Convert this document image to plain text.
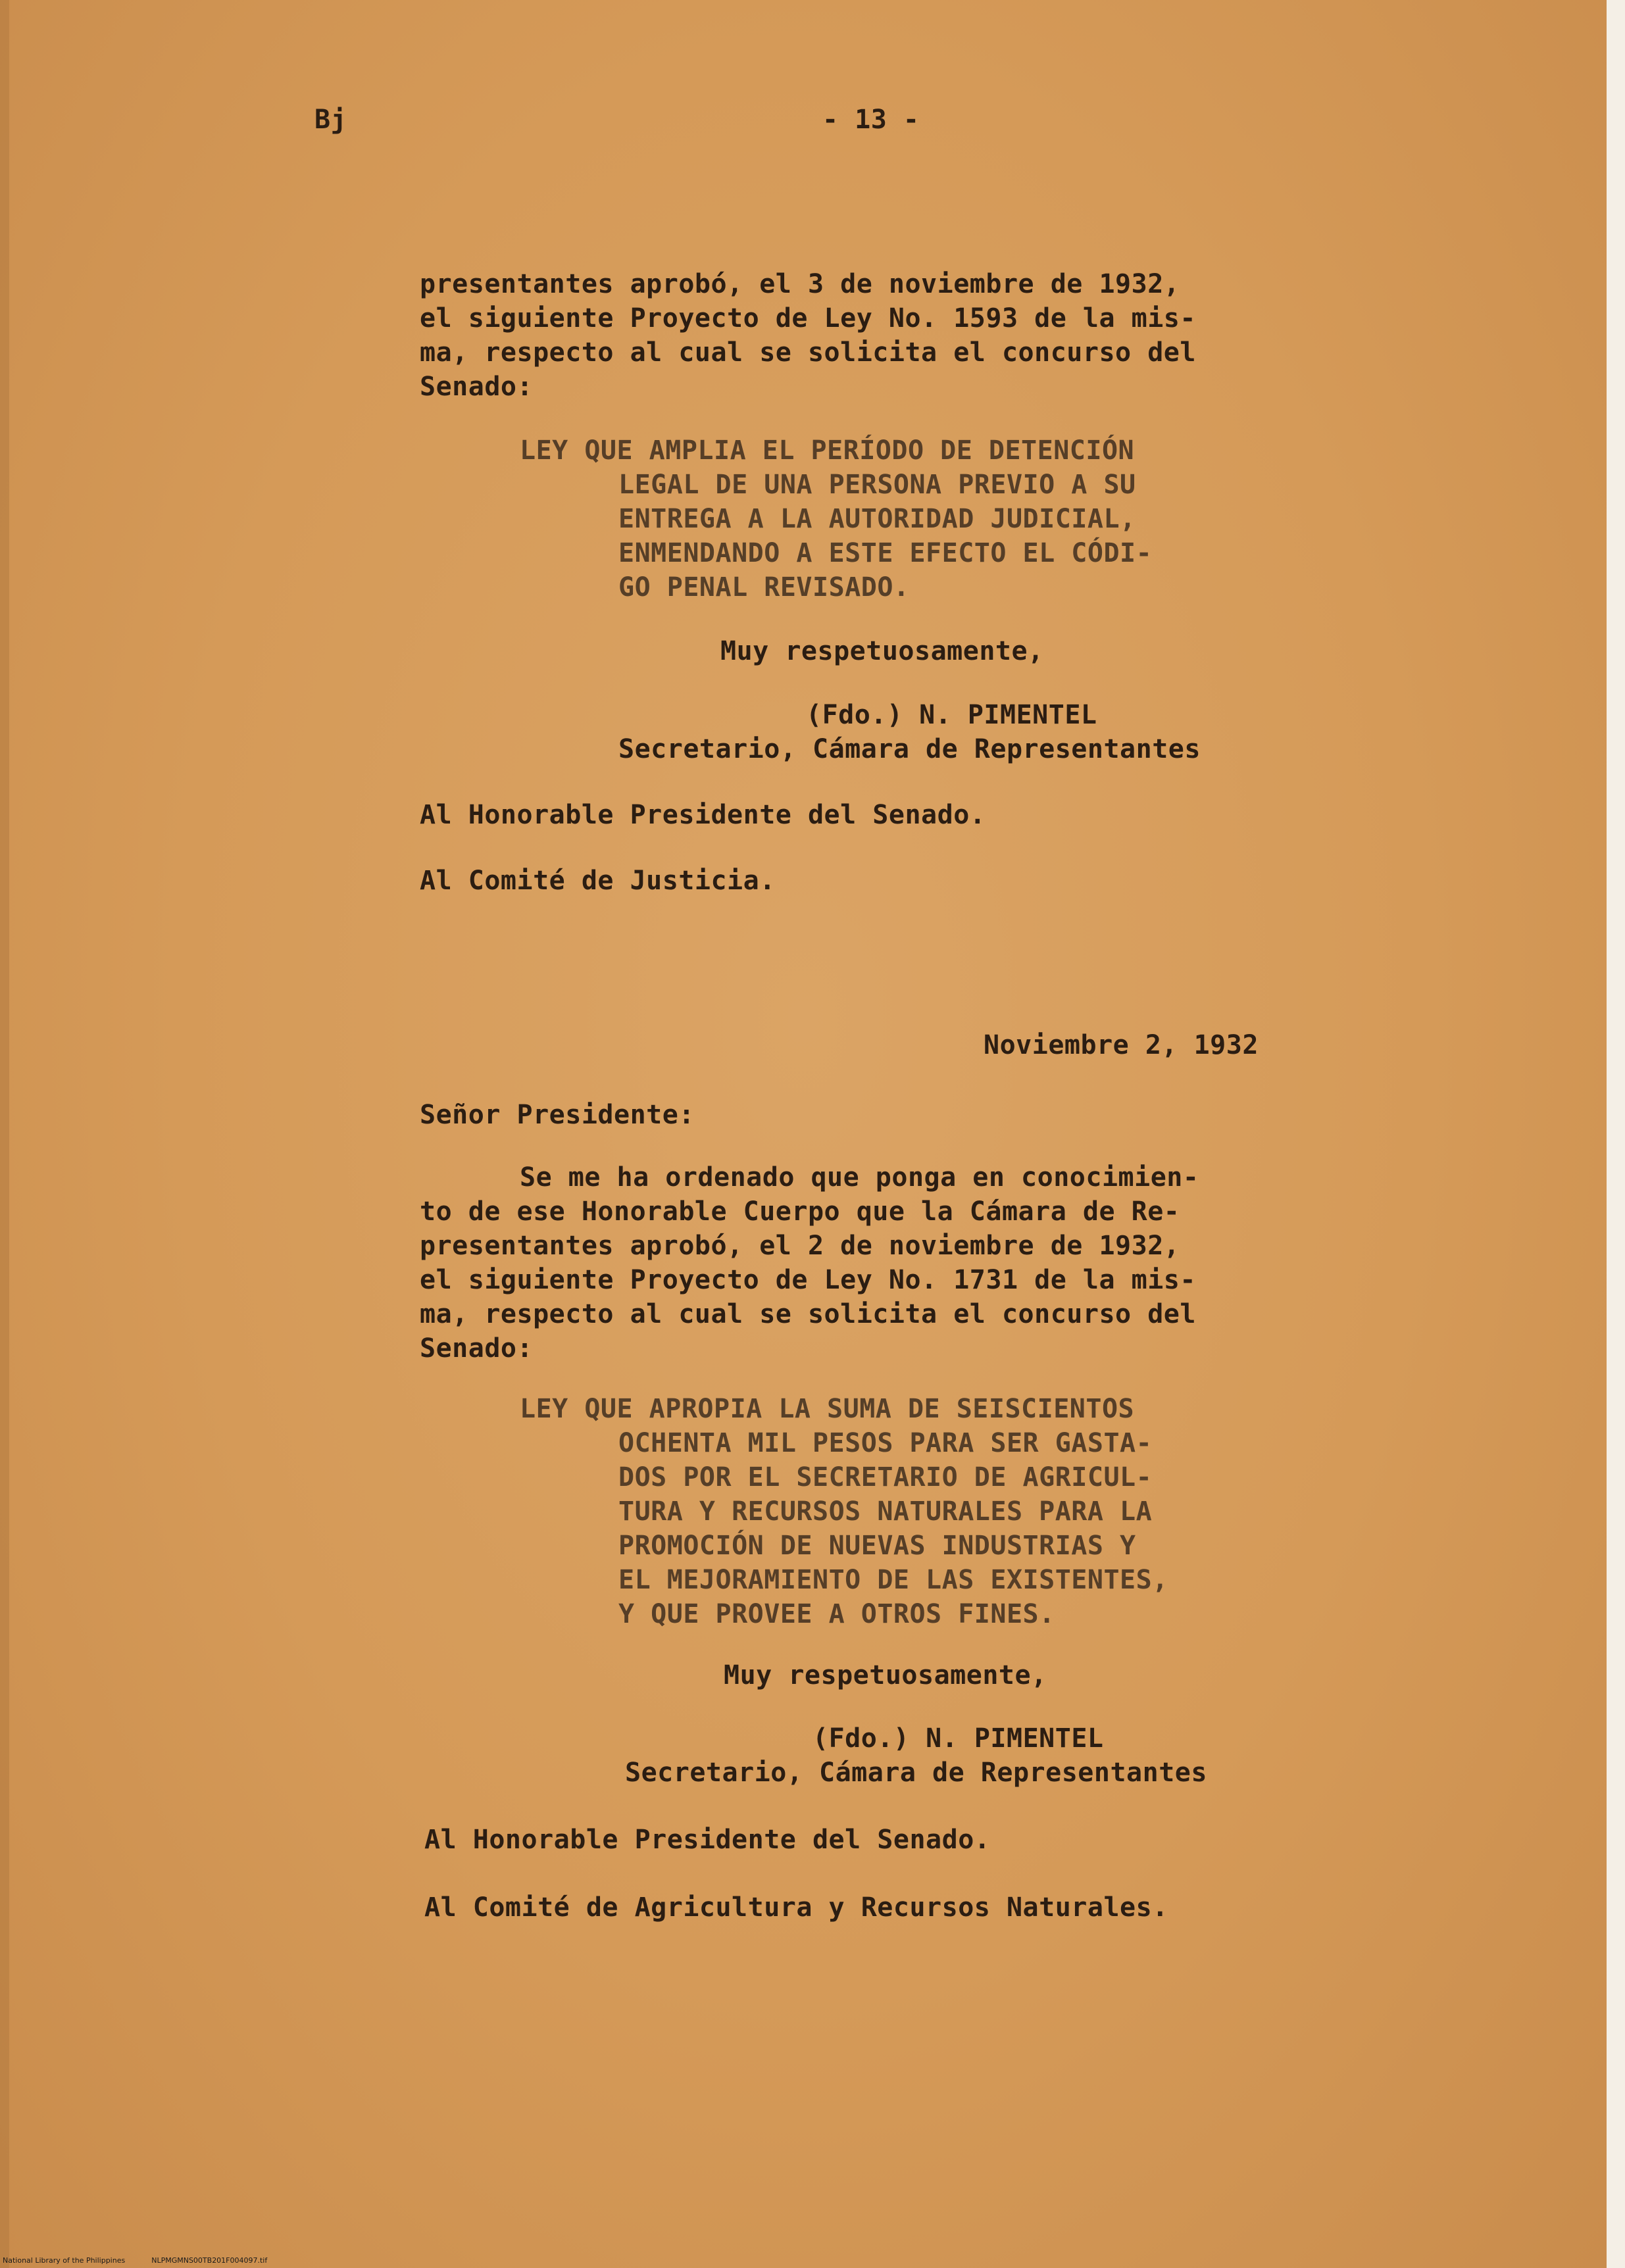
Bj	- 13 -
presentantes aprobó, el 3 de noviembre de 1932,
el siguiente Proyecto de Ley No. 1593 de la mis-
ma, respecto al cual se solicita el concurso del
Senado:
LEY QUE AMPLIA EL PERÍODO DE DETENCIÓN
LEGAL DE UNA PERSONA PREVIO A SU
ENTREGA A LA AUTORIDAD JUDICIAL,
ENMENDANDO A ESTE EFECTO EL CÓDI-
GO PENAL REVISADO.
Muy respetuosamente,
(Fdo.) N. PIMENTEL
Secretario, Cámara de Representantes
Al Honorable Presidente del Senado.
Al Comité de Justicia.
Noviembre 2, 1932
Señor Presidente:
Se me ha ordenado que ponga en conocimien-
to de ese Honorable Cuerpo que la Cámara de Re-
presentantes aprobó, el 2 de noviembre de 1932,
el siguiente Proyecto de Ley No. 1731 de la mis-
ma, respecto al cual se solicita el concurso del
Senado:
LEY QUE APROPIA LA SUMA DE SEISCIENTOS
OCHENTA MIL PESOS PARA SER GASTA-
DOS POR EL SECRETARIO DE AGRICUL-
TURA Y RECURSOS NATURALES PARA LA
PROMOCIÓN DE NUEVAS INDUSTRIAS Y
EL MEJORAMIENTO DE LAS EXISTENTES,
Y QUE PROVEE A OTROS FINES.
Muy respetuosamente,
(Fdo.) N. PIMENTEL
Secretario, Cámara de Representantes
Al Honorable Presidente del Senado.
Al Comité de Agricultura y Recursos Naturales.
National Library of the Philippines	NLPMGMNS00TB201F004097.tif
